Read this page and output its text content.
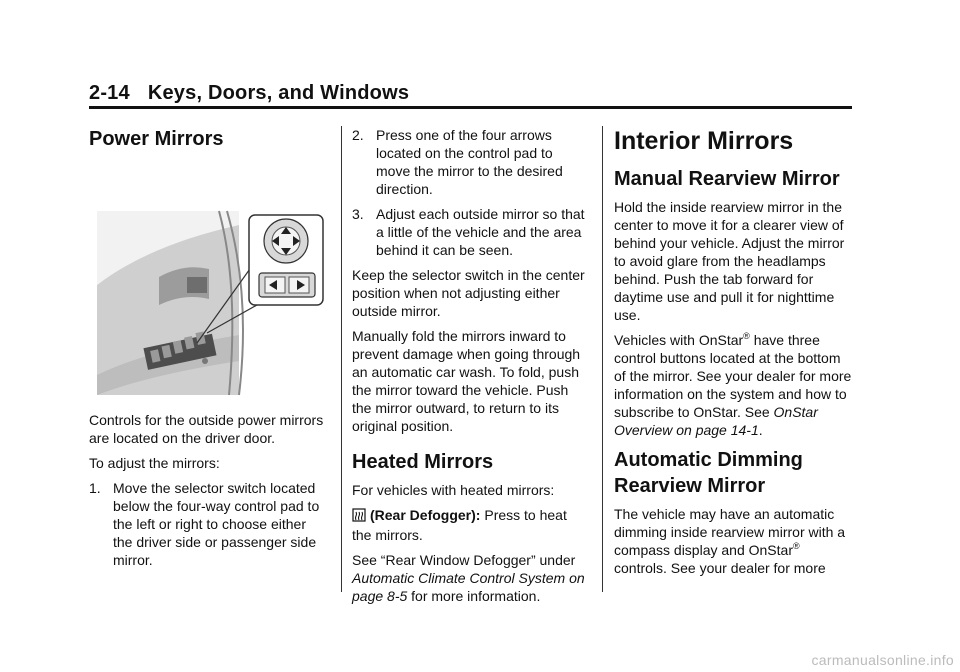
2-14 Keys, Doors, and Windows
Power Mirrors

Controls for the outside power mirrors are located on the driver door.

To adjust the mirrors:

1. Move the selector switch located below the four-way control pad to the left or right to choose either the driver side or passenger side mirror.
2. Press one of the four arrows located on the control pad to move the mirror to the desired direction.
3. Adjust each outside mirror so that a little of the vehicle and the area behind it can be seen.

Keep the selector switch in the center position when not adjusting either outside mirror.

Manually fold the mirrors inward to prevent damage when going through an automatic car wash. To fold, push the mirror toward the vehicle. Push the mirror outward, to return to its original position.

Heated Mirrors

For vehicles with heated mirrors:

(Rear Defogger): Press to heat the mirrors.

See “Rear Window Defogger” under Automatic Climate Control System on page 8-5 for more information.

Interior Mirrors
Manual Rearview Mirror

Hold the inside rearview mirror in the center to move it for a clearer view of behind your vehicle. Adjust the mirror to avoid glare from the headlamps behind. Push the tab forward for daytime use and pull it for nighttime use.

Vehicles with OnStar® have three control buttons located at the bottom of the mirror. See your dealer for more information on the system and how to subscribe to OnStar. See OnStar Overview on page 14-1.

Automatic Dimming Rearview Mirror

The vehicle may have an automatic dimming inside rearview mirror with a compass display and OnStar® controls. See your dealer for more

carmanualsonline.info
